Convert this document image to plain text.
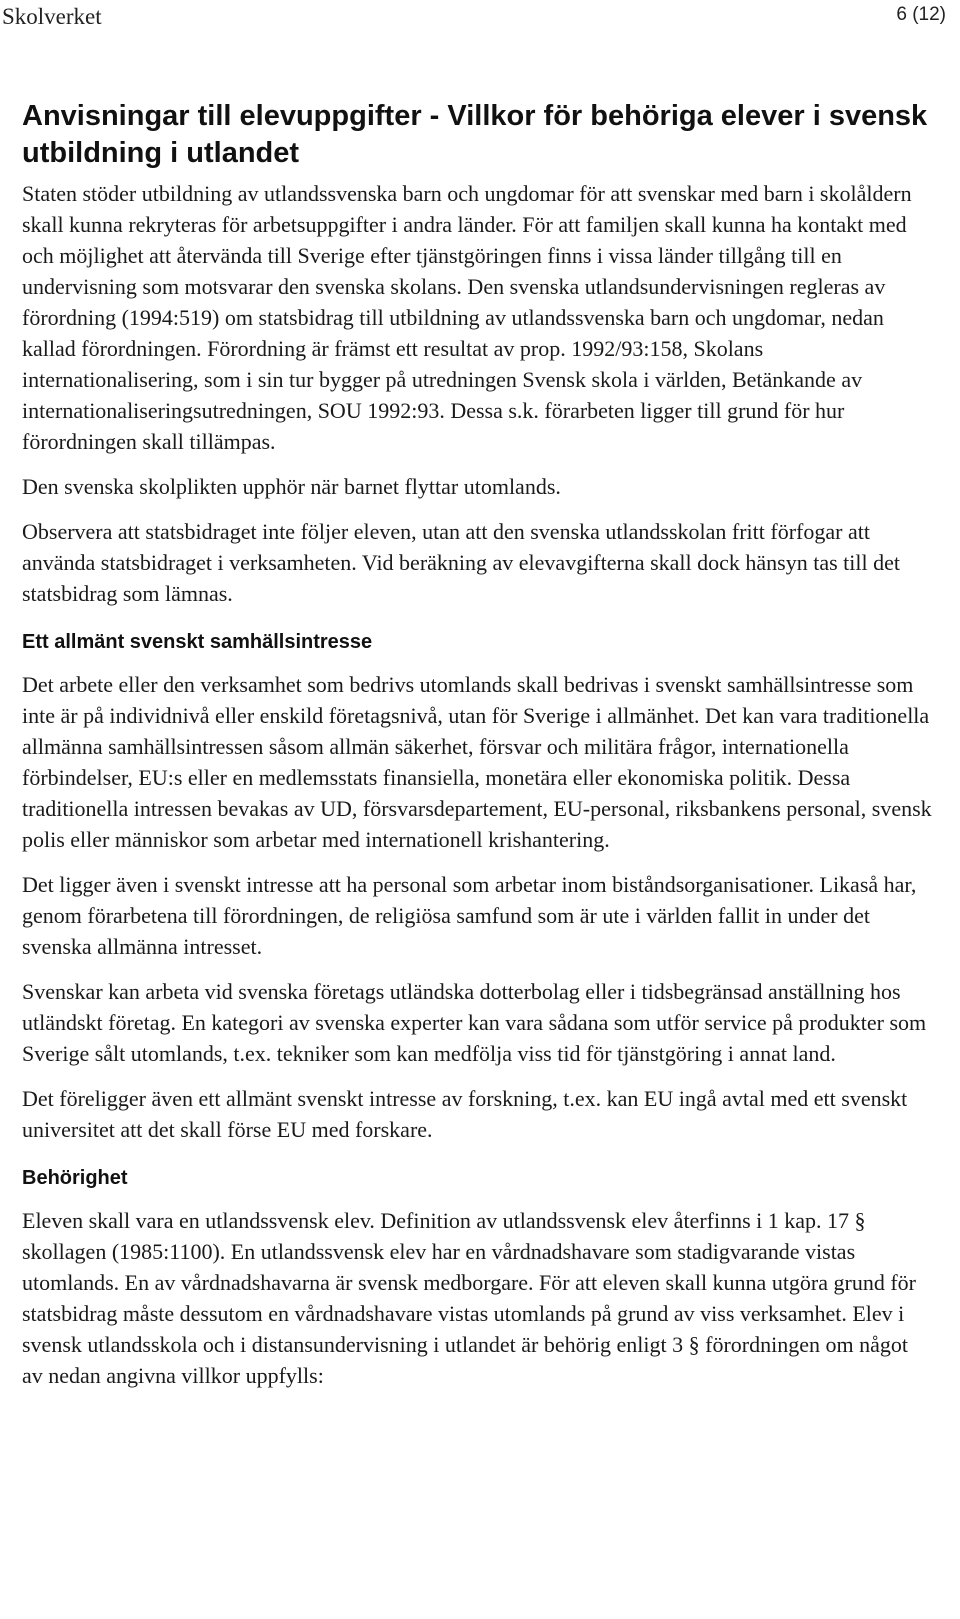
Skolverket	6 (12)
Anvisningar till elevuppgifter - Villkor för behöriga elever i svensk utbildning i utlandet

Staten stöder utbildning av utlandssvenska barn och ungdomar för att svenskar med barn i skolåldern skall kunna rekryteras för arbetsuppgifter i andra länder. För att familjen skall kunna ha kontakt med och möjlighet att återvända till Sverige efter tjänstgöringen finns i vissa länder tillgång till en undervisning som motsvarar den svenska skolans. Den svenska utlandsundervisningen regleras av förordning (1994:519) om statsbidrag till utbildning av utlandssvenska barn och ungdomar, nedan kallad förordningen. Förordning är främst ett resultat av prop. 1992/93:158, Skolans internationalisering, som i sin tur bygger på utredningen Svensk skola i världen, Betänkande av internationaliseringsutredningen, SOU 1992:93. Dessa s.k. förarbeten ligger till grund för hur förordningen skall tillämpas.

Den svenska skolplikten upphör när barnet flyttar utomlands.

Observera att statsbidraget inte följer eleven, utan att den svenska utlandsskolan fritt förfogar att använda statsbidraget i verksamheten. Vid beräkning av elevavgifterna skall dock hänsyn tas till det statsbidrag som lämnas.

Ett allmänt svenskt samhällsintresse

Det arbete eller den verksamhet som bedrivs utomlands skall bedrivas i svenskt samhällsintresse som inte är på individnivå eller enskild företagsnivå, utan för Sverige i allmänhet. Det kan vara traditionella allmänna samhällsintressen såsom allmän säkerhet, försvar och militära frågor, internationella förbindelser, EU:s eller en medlemsstats finansiella, monetära eller ekonomiska politik. Dessa traditionella intressen bevakas av UD, försvarsdepartement, EU-personal, riksbankens personal, svensk polis eller människor som arbetar med internationell krishantering.

Det ligger även i svenskt intresse att ha personal som arbetar inom biståndsorganisationer. Likaså har, genom förarbetena till förordningen, de religiösa samfund som är ute i världen fallit in under det svenska allmänna intresset.

Svenskar kan arbeta vid svenska företags utländska dotterbolag eller i tidsbegränsad anställning hos utländskt företag. En kategori av svenska experter kan vara sådana som utför service på produkter som Sverige sålt utomlands, t.ex. tekniker som kan medfölja viss tid för tjänstgöring i annat land.

Det föreligger även ett allmänt svenskt intresse av forskning, t.ex. kan EU ingå avtal med ett svenskt universitet att det skall förse EU med forskare.

Behörighet

Eleven skall vara en utlandssvensk elev. Definition av utlandssvensk elev återfinns i 1 kap. 17 § skollagen (1985:1100). En utlandssvensk elev har en vårdnadshavare som stadigvarande vistas utomlands. En av vårdnadshavarna är svensk medborgare. För att eleven skall kunna utgöra grund för statsbidrag måste dessutom en vårdnadshavare vistas utomlands på grund av viss verksamhet. Elev i svensk utlandsskola och i distansundervisning i utlandet är behörig enligt 3 § förordningen om något av nedan angivna villkor uppfylls:
